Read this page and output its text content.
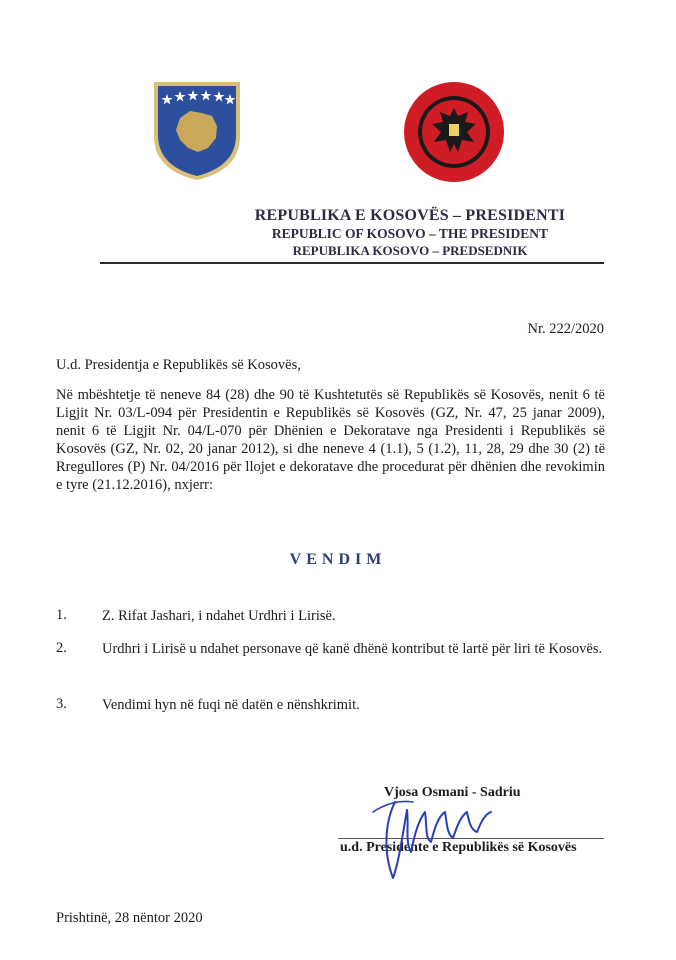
REPUBLIKA E KOSOVËS – PRESIDENTI
REPUBLIC OF KOSOVO – THE PRESIDENT
REPUBLIKA KOSOVO – PREDSEDNIK
Nr. 222/2020
U.d. Presidentja e Republikës së Kosovës,
Në mbështetje të neneve 84 (28) dhe 90 të Kushtetutës së Republikës së Kosovës, nenit 6 të Ligjit Nr. 03/L-094 për Presidentin e Republikës së Kosovës (GZ, Nr. 47, 25 janar 2009), nenit 6 të Ligjit Nr. 04/L-070 për Dhënien e Dekoratave nga Presidenti i Republikës së Kosovës (GZ, Nr. 02, 20 janar 2012), si dhe neneve 4 (1.1), 5 (1.2), 11, 28, 29 dhe 30 (2) të Rregullores (P) Nr. 04/2016 për llojet e dekoratave dhe procedurat për dhënien dhe revokimin e tyre (21.12.2016), nxjerr:
VENDIM
1. Z. Rifat Jashari, i ndahet Urdhri i Lirisë.
2. Urdhri i Lirisë u ndahet personave që kanë dhënë kontribut të lartë për liri të Kosovës.
3. Vendimi hyn në fuqi në datën e nënshkrimit.
Vjosa Osmani - Sadriu
u.d. Presidente e Republikës së Kosovës
Prishtinë, 28 nëntor 2020
